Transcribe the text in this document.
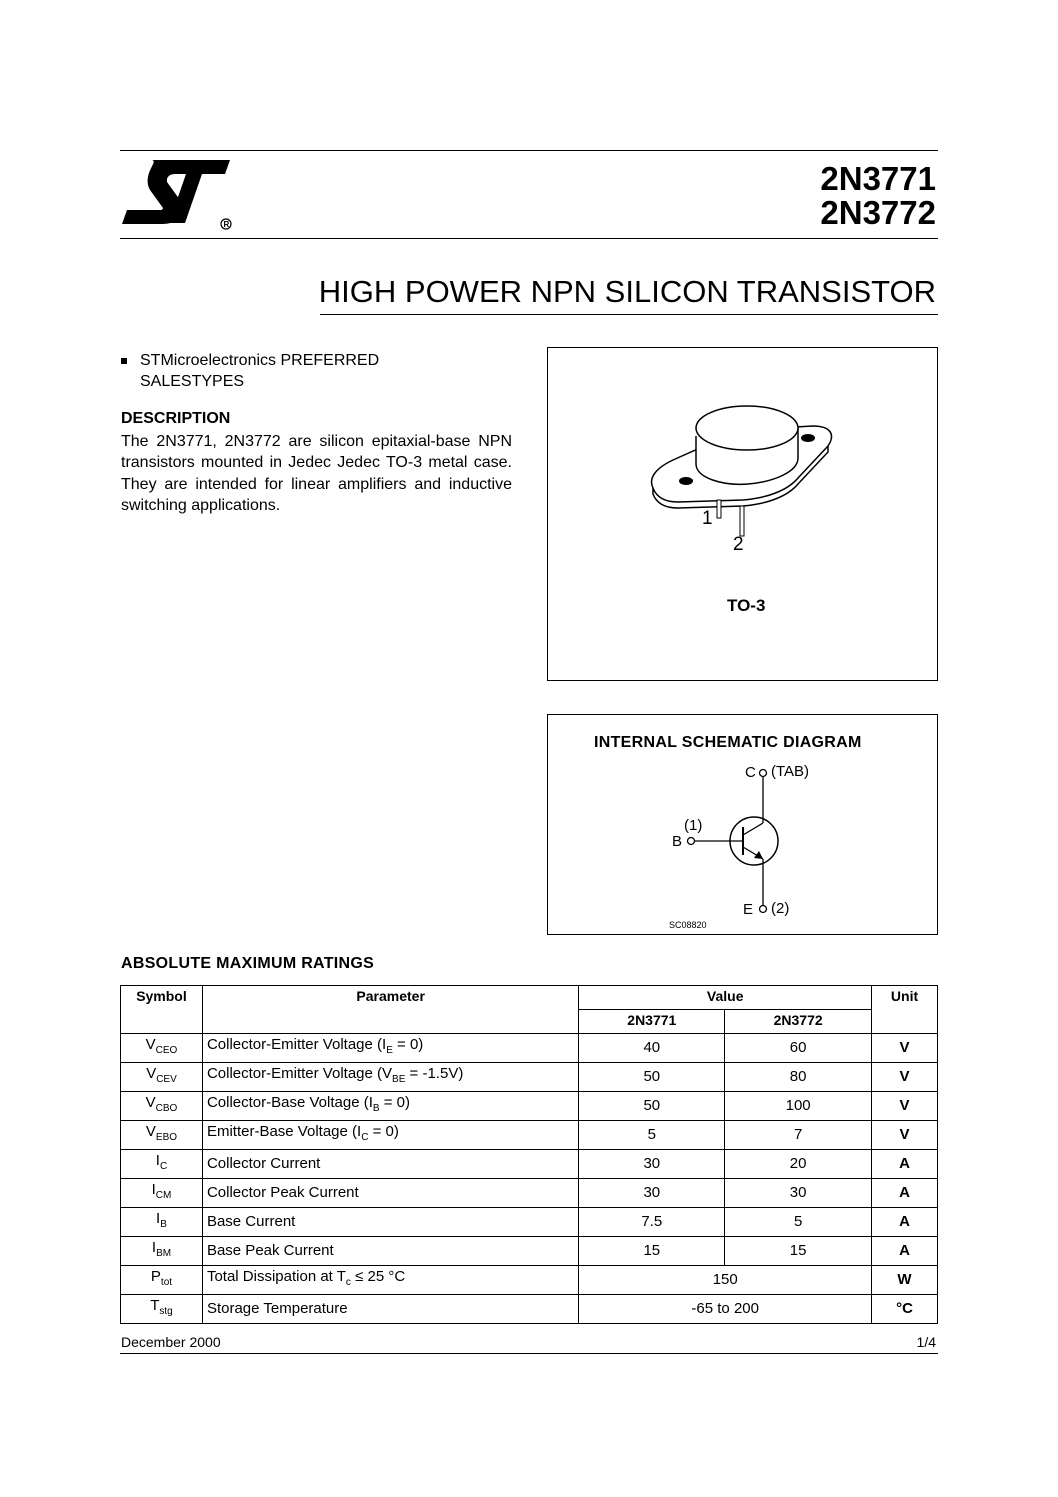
R
2N3771
2N3772
HIGH POWER NPN SILICON TRANSISTOR
STMicroelectronics PREFERRED SALESTYPES
DESCRIPTION
The 2N3771, 2N3772 are silicon epitaxial-base NPN transistors mounted in Jedec Jedec TO-3 metal case. They are intended for linear amplifiers and inductive switching applications.
1
2
TO-3
INTERNAL SCHEMATIC DIAGRAM
C (TAB)
(1)
B
E (2)
SC08820
ABSOLUTE MAXIMUM RATINGS
Symbol	Parameter	Value		Unit
		2N3771	2N3772	
$V_{CEO}$	Collector-Emitter Voltage $(I_E = 0)$	40	60	V
$V_{CEV}$	Collector-Emitter Voltage $(V_{BE} = -1.5V)$	50	80	V
$V_{CBO}$	Collector-Base Voltage $(I_B = 0)$	50	100	V
$V_{EBO}$	Emitter-Base Voltage $(I_C = 0)$	5	7	V
$I_C$	Collector Current	30	20	A
$I_{CM}$	Collector Peak Current	30	30	A
$I_B$	Base Current	7.5	5	A
$I_{BM}$	Base Peak Current	15	15	A
$P_{tot}$	Total Dissipation at $T_c \le 25$ °C	150		W
$T_{stg}$	Storage Temperature	-65 to 200		°C
December 2000	1/4
